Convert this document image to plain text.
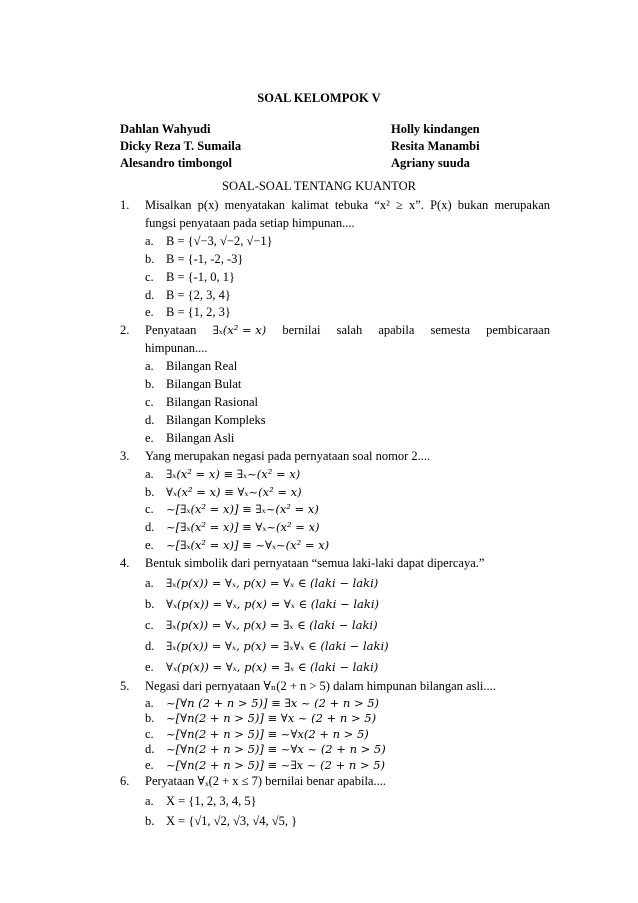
SOAL KELOMPOK V
Dahlan Wahyudi	Holly kindangen
Dicky Reza T. Sumaila	Resita Manambi
Alesandro timbongol	Agriany suuda
SOAL-SOAL TENTANG KUANTOR
1. Misalkan p(x) menyatakan kalimat tebuka “x² ≥ x”. P(x) bukan merupakan fungsi penyataan pada setiap himpunan....
a. B = {√−3, √−2, √−1}
b. B = {-1, -2, -3}
c. B = {-1, 0, 1}
d. B = {2, 3, 4}
e. B = {1, 2, 3}
2. Penyataan ∃ₓ(x² = x) bernilai salah apabila semesta pembicaraan
himpunan....
a. Bilangan Real
b. Bilangan Bulat
c. Bilangan Rasional
d. Bilangan Kompleks
e. Bilangan Asli
3. Yang merupakan negasi pada pernyataan soal nomor 2....
a. ∃ₓ(x² = x) ≡ ∃ₓ~(x² = x)
b. ∀ₓ(x² = x) ≡ ∀ₓ~(x² = x)
c. ~[∃ₓ(x² = x)] ≡ ∃ₓ~(x² = x)
d. ~[∃ₓ(x² = x)] ≡ ∀ₓ~(x² = x)
e. ~[∃ₓ(x² = x)] ≡ ~∀ₓ~(x² = x)
4. Bentuk simbolik dari pernyataan “semua laki-laki dapat dipercaya.”
a. ∃ₓ(p(x)) = ∀ₓ, p(x) = ∀ₓ ∈ (laki − laki)
b. ∀ₓ(p(x)) = ∀ₓ, p(x) = ∀ₓ ∈ (laki − laki)
c. ∃ₓ(p(x)) = ∀ₓ, p(x) = ∃ₓ ∈ (laki − laki)
d. ∃ₓ(p(x)) = ∀ₓ, p(x) = ∃ₓ∀ₓ ∈ (laki − laki)
e. ∀ₓ(p(x)) = ∀ₓ, p(x) = ∃ₓ ∈ (laki − laki)
5. Negasi dari pernyataan ∀ₙ(2 + n > 5) dalam himpunan bilangan asli....
a. ~[∀n (2 + n > 5)] ≡ ∃x ~ (2 + n > 5)
b. ~[∀n(2 + n > 5)] ≡ ∀x ~ (2 + n > 5)
c. ~[∀n(2 + n > 5)] ≡ ~∀x(2 + n > 5)
d. ~[∀n(2 + n > 5)] ≡ ~∀x ~ (2 + n > 5)
e. ~[∀n(2 + n > 5)] ≡ ~∃x ~ (2 + n > 5)
6. Peryataan ∀ₓ(2 + x ≤ 7) bernilai benar apabila....
a. X = {1, 2, 3, 4, 5}
b. X = {√1, √2, √3, √4, √5, }
